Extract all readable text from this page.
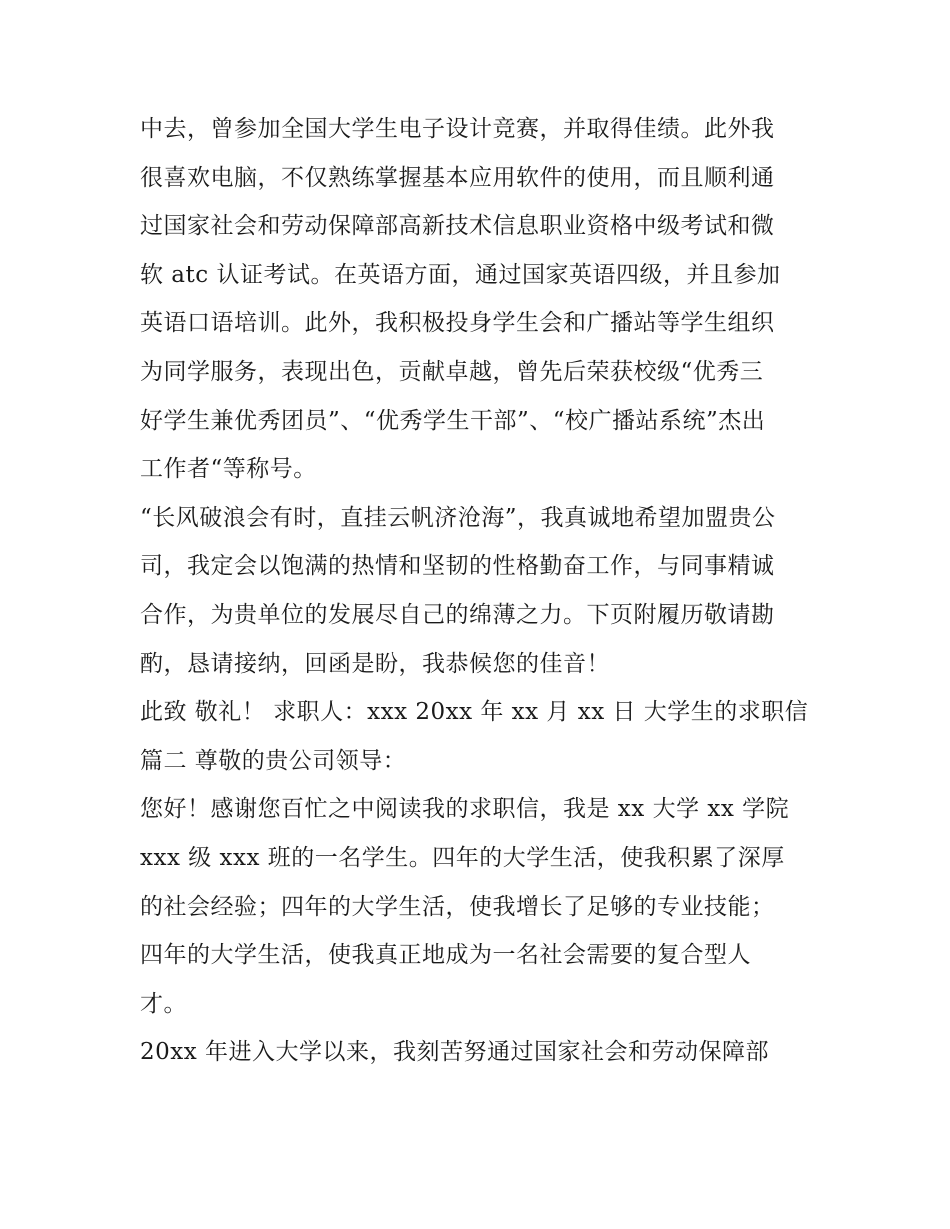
中去，曾参加全国大学生电子设计竞赛，并取得佳绩。此外我
很喜欢电脑，不仅熟练掌握基本应用软件的使用，而且顺利通
过国家社会和劳动保障部高新技术信息职业资格中级考试和微
软 atc 认证考试。在英语方面，通过国家英语四级，并且参加
英语口语培训。此外，我积极投身学生会和广播站等学生组织
为同学服务，表现出色，贡献卓越，曾先后荣获校级“优秀三
好学生兼优秀团员”、“优秀学生干部”、“校广播站系统”杰出
工作者“等称号。
“长风破浪会有时，直挂云帆济沧海”，我真诚地希望加盟贵公
司，我定会以饱满的热情和坚韧的性格勤奋工作，与同事精诚
合作，为贵单位的发展尽自己的绵薄之力。下页附履历敬请勘
酌，恳请接纳，回函是盼，我恭候您的佳音！
此致 敬礼！ 求职人：xxx 20xx 年 xx 月 xx 日 大学生的求职信
篇二 尊敬的贵公司领导：
您好！感谢您百忙之中阅读我的求职信，我是 xx 大学 xx 学院
xxx 级 xxx 班的一名学生。四年的大学生活，使我积累了深厚
的社会经验；四年的大学生活，使我增长了足够的专业技能；
四年的大学生活，使我真正地成为一名社会需要的复合型人
才。
20xx 年进入大学以来，我刻苦努通过国家社会和劳动保障部
